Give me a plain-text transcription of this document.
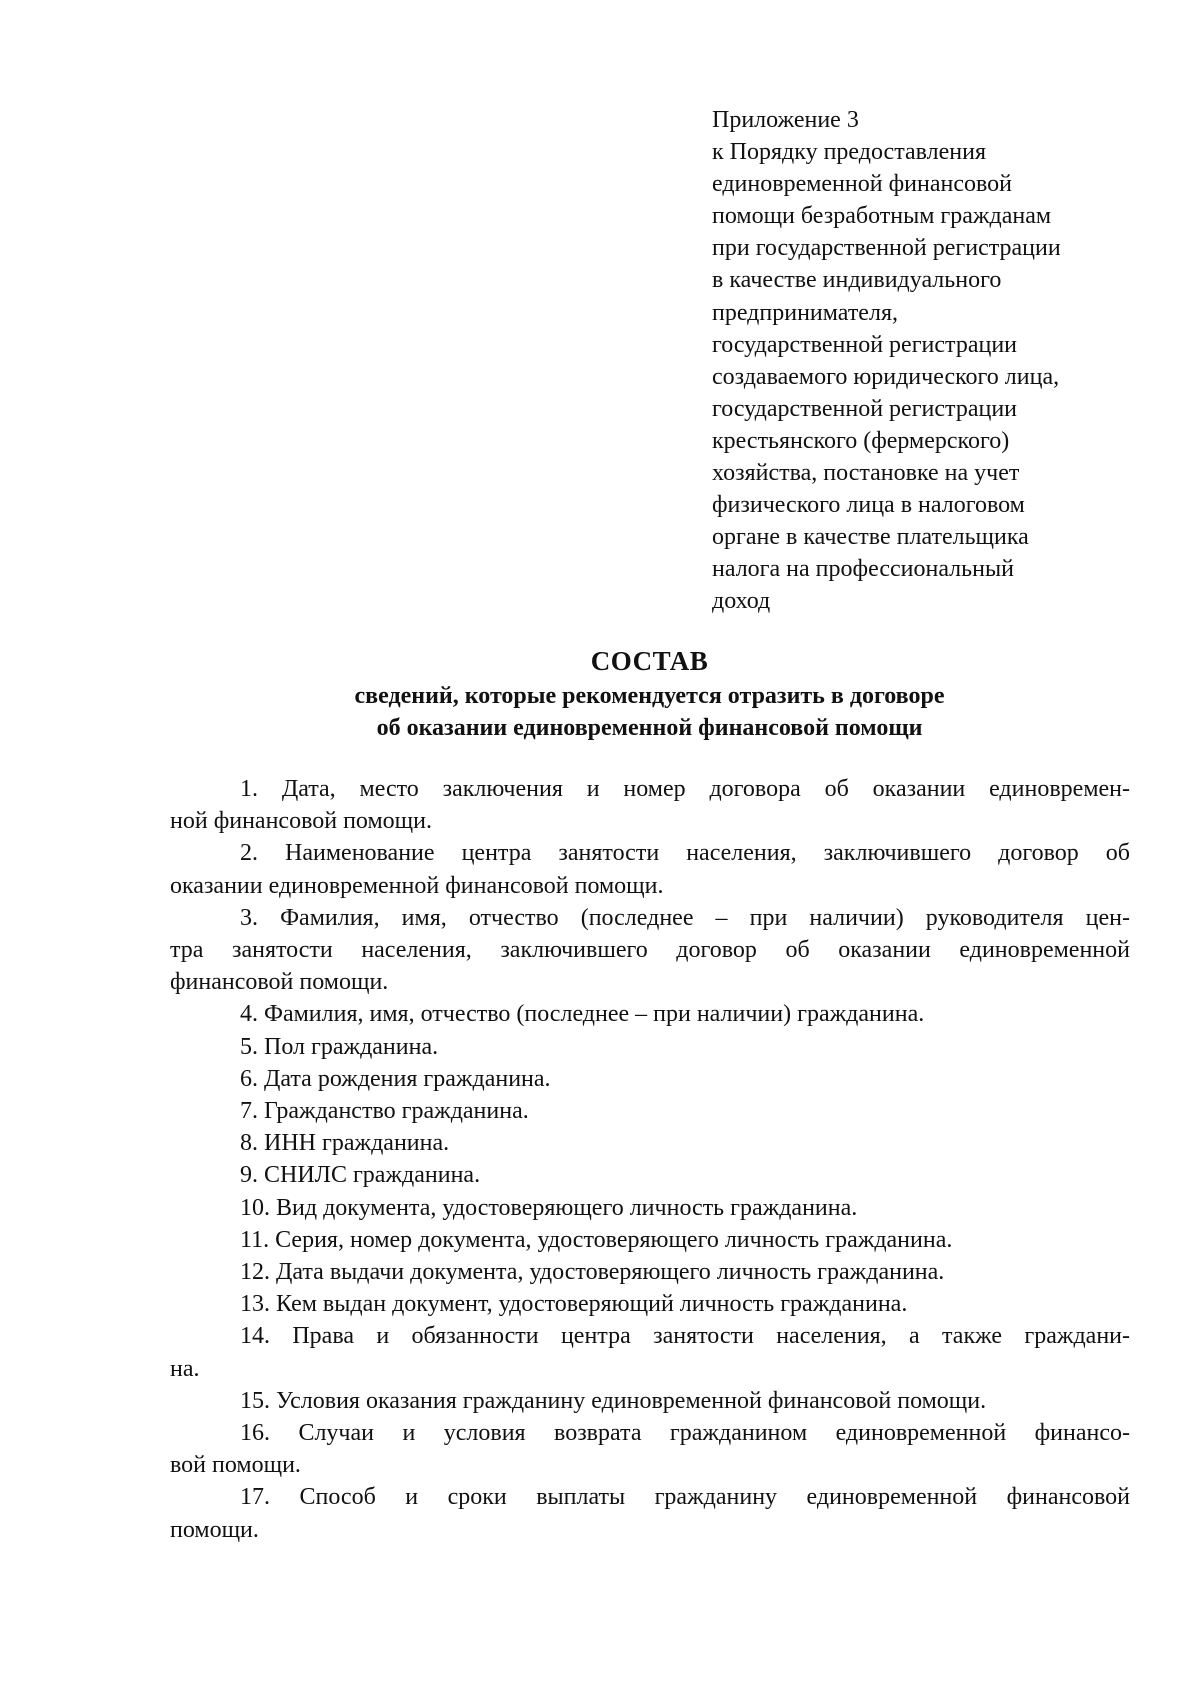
Приложение 3
к Порядку предоставления
единовременной финансовой
помощи безработным гражданам
при государственной регистрации
в качестве индивидуального
предпринимателя,
государственной регистрации
создаваемого юридического лица,
государственной регистрации
крестьянского (фермерского)
хозяйства, постановке на учет
физического лица в налоговом
органе в качестве плательщика
налога на профессиональный
доход
СОСТАВ
сведений, которые рекомендуется отразить в договоре
об оказании единовременной финансовой помощи
1. Дата, место заключения и номер договора об оказании единовремен-
ной финансовой помощи.
2. Наименование центра занятости населения, заключившего договор об
оказании единовременной финансовой помощи.
3. Фамилия, имя, отчество (последнее – при наличии) руководителя цен-
тра занятости населения, заключившего договор об оказании единовременной
финансовой помощи.
4. Фамилия, имя, отчество (последнее – при наличии) гражданина.
5. Пол гражданина.
6. Дата рождения гражданина.
7. Гражданство гражданина.
8. ИНН гражданина.
9. СНИЛС гражданина.
10. Вид документа, удостоверяющего личность гражданина.
11. Серия, номер документа, удостоверяющего личность гражданина.
12. Дата выдачи документа, удостоверяющего личность гражданина.
13. Кем выдан документ, удостоверяющий личность гражданина.
14. Права и обязанности центра занятости населения, а также граждани-
на.
15. Условия оказания гражданину единовременной финансовой помощи.
16. Случаи и условия возврата гражданином единовременной финансо-
вой помощи.
17. Способ и сроки выплаты гражданину единовременной финансовой
помощи.
